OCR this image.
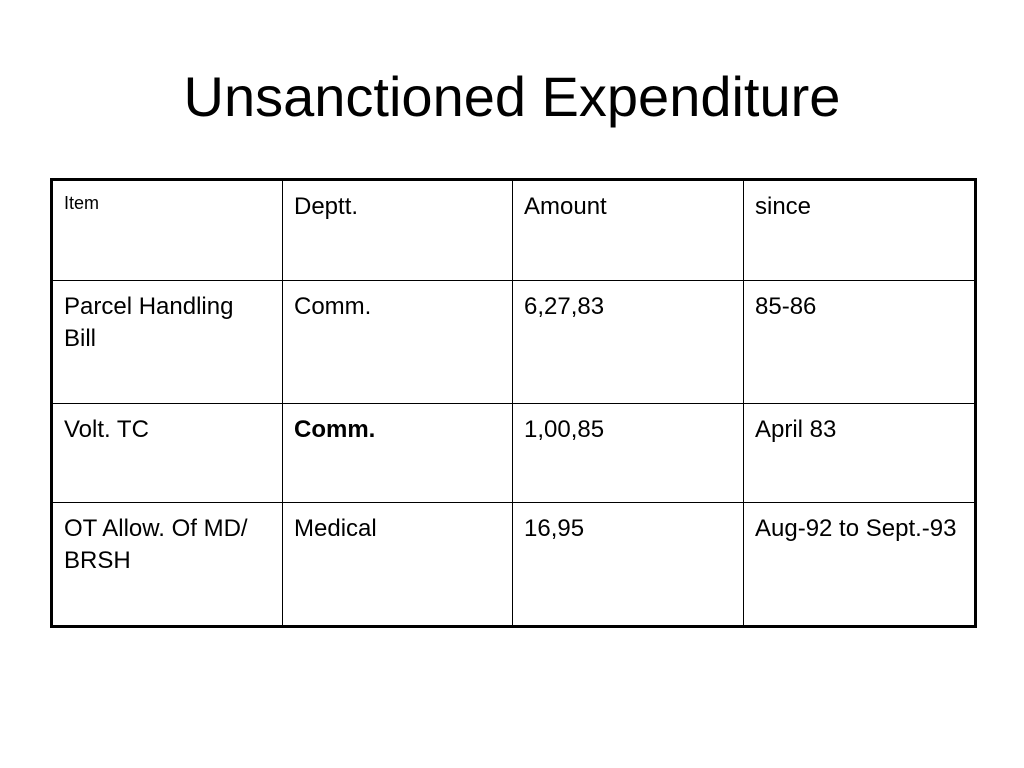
Unsanctioned Expenditure
Item	Deptt.	Amount	since
Parcel Handling Bill	Comm.	6,27,83	85-86
Volt. TC	Comm.	1,00,85	April 83
OT Allow. Of MD/ BRSH	Medical	16,95	Aug-92 to Sept.-93
